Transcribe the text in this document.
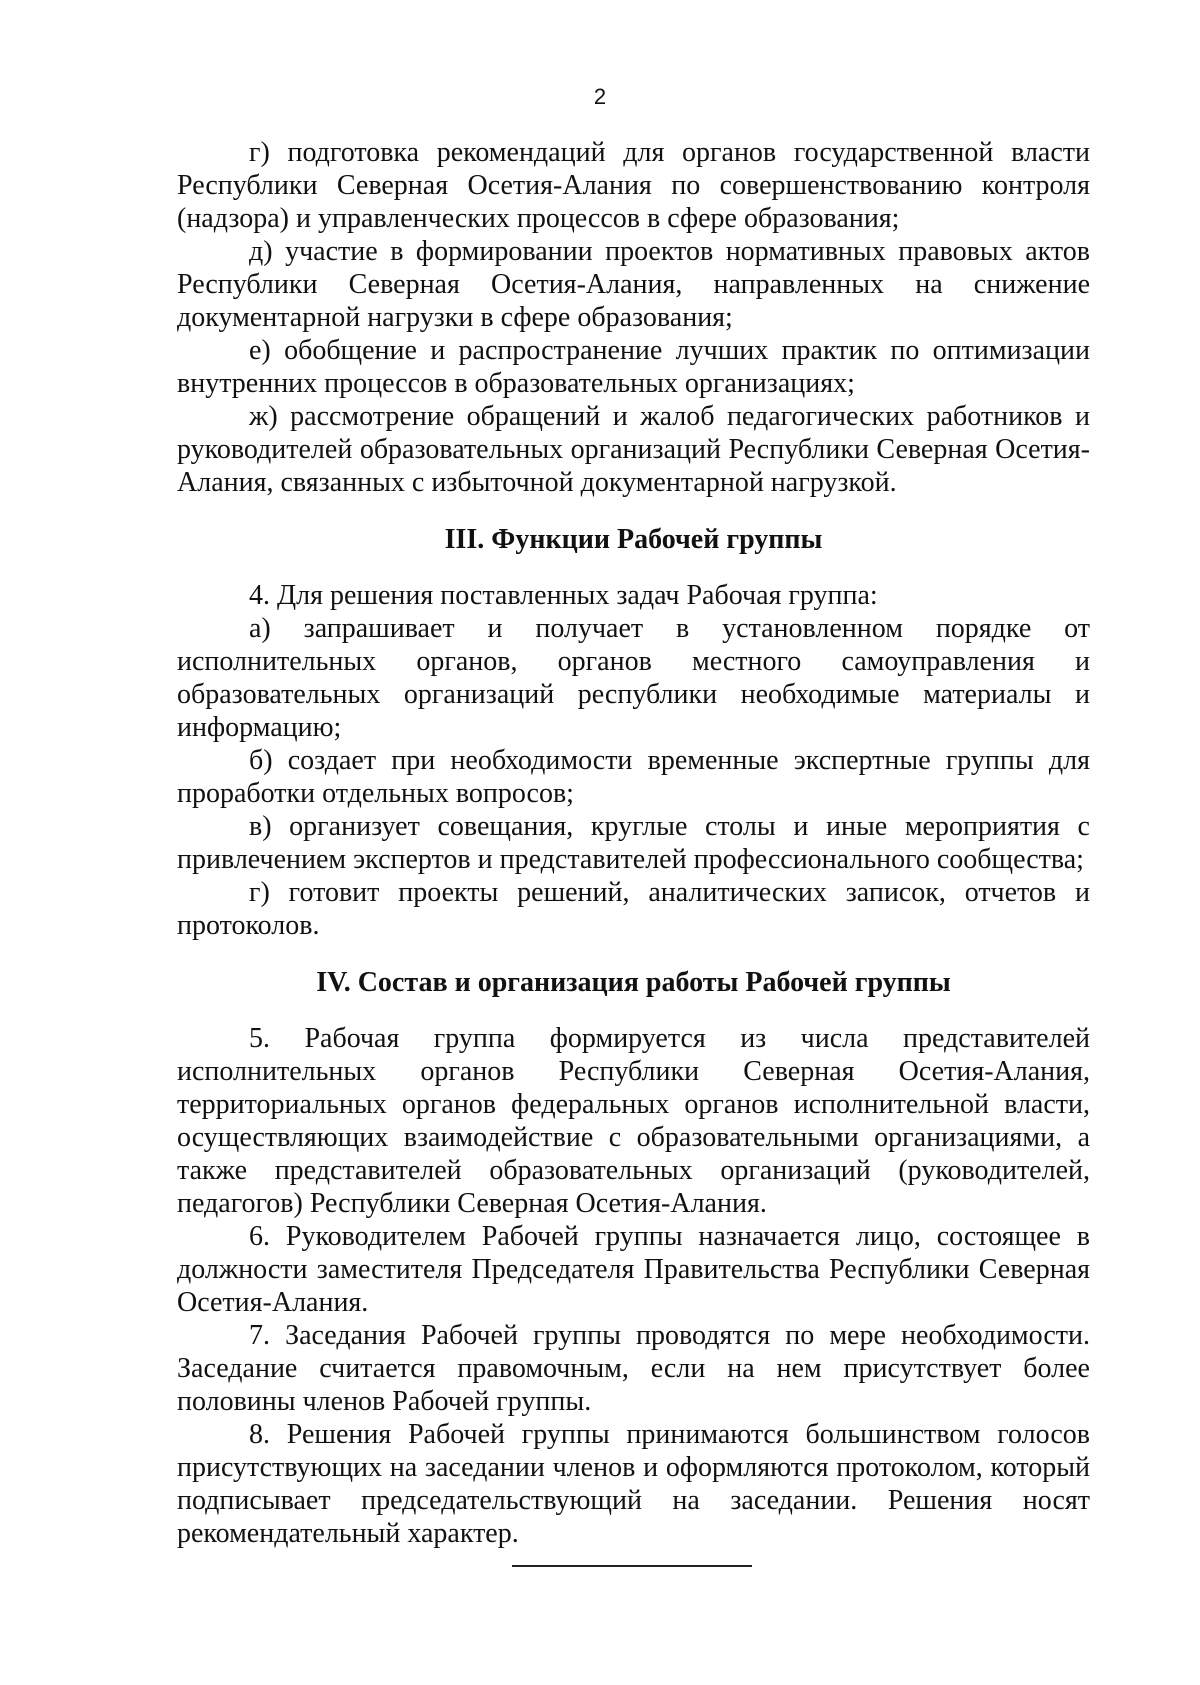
2

г) подготовка рекомендаций для органов государственной власти Республики Северная Осетия-Алания по совершенствованию контроля (надзора) и управленческих процессов в сфере образования;

д) участие в формировании проектов нормативных правовых актов Республики Северная Осетия-Алания, направленных на снижение документарной нагрузки в сфере образования;

е) обобщение и распространение лучших практик по оптимизации внутренних процессов в образовательных организациях;

ж) рассмотрение обращений и жалоб педагогических работников и руководителей образовательных организаций Республики Северная Осетия-Алания, связанных с избыточной документарной нагрузкой.

III. Функции Рабочей группы

4. Для решения поставленных задач Рабочая группа:

а) запрашивает и получает в установленном порядке от исполнительных органов, органов местного самоуправления и образовательных организаций республики необходимые материалы и информацию;

б) создает при необходимости временные экспертные группы для проработки отдельных вопросов;

в) организует совещания, круглые столы и иные мероприятия с привлечением экспертов и представителей профессионального сообщества;

г) готовит проекты решений, аналитических записок, отчетов и протоколов.

IV. Состав и организация работы Рабочей группы

5. Рабочая группа формируется из числа представителей исполнительных органов Республики Северная Осетия-Алания, территориальных органов федеральных органов исполнительной власти, осуществляющих взаимодействие с образовательными организациями, а также представителей образовательных организаций (руководителей, педагогов) Республики Северная Осетия-Алания.

6. Руководителем Рабочей группы назначается лицо, состоящее в должности заместителя Председателя Правительства Республики Северная Осетия-Алания.

7. Заседания Рабочей группы проводятся по мере необходимости. Заседание считается правомочным, если на нем присутствует более половины членов Рабочей группы.

8. Решения Рабочей группы принимаются большинством голосов присутствующих на заседании членов и оформляются протоколом, который подписывает председательствующий на заседании. Решения носят рекомендательный характер.
